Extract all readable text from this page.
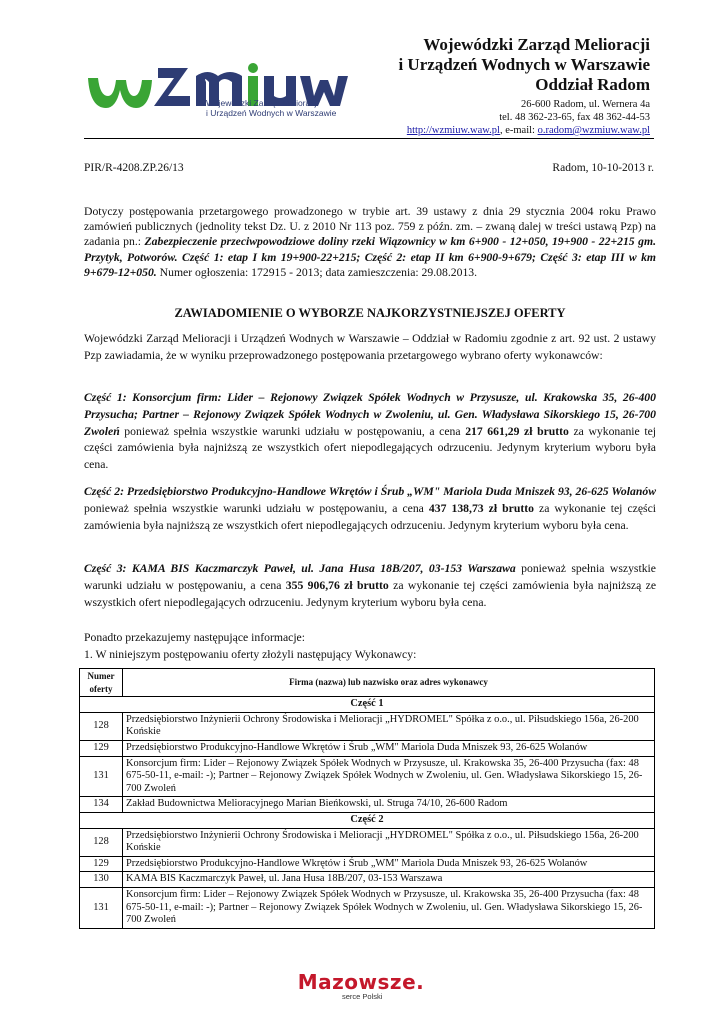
Wojewódzki Zarząd Melioracji
i Urządzeń Wodnych w Warszawie
Wojewódzki Zarząd Melioracji
i Urządzeń Wodnych w Warszawie
Oddział Radom
26-600 Radom, ul. Wernera 4a
tel. 48 362-23-65, fax 48 362-44-53
http://wzmiuw.waw.pl, e-mail: o.radom@wzmiuw.waw.pl
PIR/R-4208.ZP.26/13	Radom, 10-10-2013 r.
Dotyczy postępowania przetargowego prowadzonego w trybie art. 39 ustawy z dnia 29 stycznia 2004 roku Prawo zamówień publicznych (jednolity tekst Dz. U. z 2010 Nr 113 poz. 759 z późn. zm. – zwaną dalej w treści ustawą Pzp) na zadania pn.: Zabezpieczenie przeciwpowodziowe doliny rzeki Wiązownicy w km 6+900 - 12+050, 19+900 - 22+215 gm. Przytyk, Potworów. Część 1: etap I km 19+900-22+215; Część 2: etap II km 6+900-9+679; Część 3: etap III w km 9+679-12+050. Numer ogłoszenia: 172915 - 2013; data zamieszczenia: 29.08.2013.
ZAWIADOMIENIE O WYBORZE NAJKORZYSTNIEJSZEJ OFERTY
Wojewódzki Zarząd Melioracji i Urządzeń Wodnych w Warszawie – Oddział w Radomiu zgodnie z art. 92 ust. 2 ustawy Pzp zawiadamia, że w wyniku przeprowadzonego postępowania przetargowego wybrano oferty wykonawców:
Część 1: Konsorcjum firm: Lider – Rejonowy Związek Spółek Wodnych w Przysusze, ul. Krakowska 35, 26-400 Przysucha; Partner – Rejonowy Związek Spółek Wodnych w Zwoleniu, ul. Gen. Władysława Sikorskiego 15, 26-700 Zwoleń ponieważ spełnia wszystkie warunki udziału w postępowaniu, a cena 217 661,29 zł brutto za wykonanie tej części zamówienia była najniższą ze wszystkich ofert niepodlegających odrzuceniu. Jedynym kryterium wyboru była cena.
Część 2: Przedsiębiorstwo Produkcyjno-Handlowe Wkrętów i Śrub „WM" Mariola Duda Mniszek 93, 26-625 Wolanów ponieważ spełnia wszystkie warunki udziału w postępowaniu, a cena 437 138,73 zł brutto za wykonanie tej części zamówienia była najniższą ze wszystkich ofert niepodlegających odrzuceniu. Jedynym kryterium wyboru była cena.
Część 3: KAMA BIS Kaczmarczyk Paweł, ul. Jana Husa 18B/207, 03-153 Warszawa ponieważ spełnia wszystkie warunki udziału w postępowaniu, a cena 355 906,76 zł brutto za wykonanie tej części zamówienia była najniższą ze wszystkich ofert niepodlegających odrzuceniu. Jedynym kryterium wyboru była cena.
Ponadto przekazujemy następujące informacje:
1. W niniejszym postępowaniu oferty złożyli następujący Wykonawcy:
Numer oferty	Firma (nazwa) lub nazwisko oraz adres wykonawcy
Część 1	
128	Przedsiębiorstwo Inżynierii Ochrony Środowiska i Melioracji „HYDROMEL" Spółka z o.o., ul. Piłsudskiego 156a, 26-200 Końskie
129	Przedsiębiorstwo Produkcyjno-Handlowe Wkrętów i Śrub „WM" Mariola Duda Mniszek 93, 26-625 Wolanów
131	Konsorcjum firm: Lider – Rejonowy Związek Spółek Wodnych w Przysusze, ul. Krakowska 35, 26-400 Przysucha (fax: 48 675-50-11, e-mail: -); Partner – Rejonowy Związek Spółek Wodnych w Zwoleniu, ul. Gen. Władysława Sikorskiego 15, 26-700 Zwoleń
134	Zakład Budownictwa Melioracyjnego Marian Bieńkowski, ul. Struga 74/10, 26-600 Radom
Część 2	
128	Przedsiębiorstwo Inżynierii Ochrony Środowiska i Melioracji „HYDROMEL" Spółka z o.o., ul. Piłsudskiego 156a, 26-200 Końskie
129	Przedsiębiorstwo Produkcyjno-Handlowe Wkrętów i Śrub „WM" Mariola Duda Mniszek 93, 26-625 Wolanów
130	KAMA BIS Kaczmarczyk Paweł, ul. Jana Husa 18B/207, 03-153 Warszawa
131	Konsorcjum firm: Lider – Rejonowy Związek Spółek Wodnych w Przysusze, ul. Krakowska 35, 26-400 Przysucha (fax: 48 675-50-11, e-mail: -); Partner – Rejonowy Związek Spółek Wodnych w Zwoleniu, ul. Gen. Władysława Sikorskiego 15, 26-700 Zwoleń
Mazowsze.
serce Polski
